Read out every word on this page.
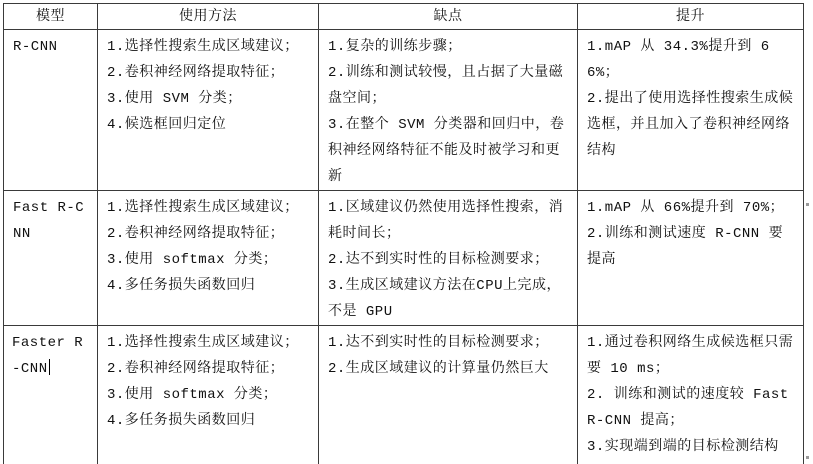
模型	使用方法	缺点	提升
R-CNN	1.选择性搜索生成区域建议；
2.卷积神经网络提取特征；
3.使用 SVM 分类；
4.候选框回归定位	1.复杂的训练步骤；
2.训练和测试较慢，且占据了大量磁盘空间；
3.在整个 SVM 分类器和回归中，卷积神经网络特征不能及时被学习和更新	1.mAP 从 34.3%提升到 66%；
2.提出了使用选择性搜索生成候选框，并且加入了卷积神经网络结构

Fast R-CNN	1.选择性搜索生成区域建议；
2.卷积神经网络提取特征；
3.使用 softmax 分类；
4.多任务损失函数回归	1.区域建议仍然使用选择性搜索，消耗时间长；
2.达不到实时性的目标检测要求；
3.生成区域建议方法在CPU上完成，不是 GPU	1.mAP 从 66%提升到 70%；
2.训练和测试速度 R-CNN 要提高

Faster R-CNN	1.选择性搜索生成区域建议；
2.卷积神经网络提取特征；
3.使用 softmax 分类；
4.多任务损失函数回归	1.达不到实时性的目标检测要求；
2.生成区域建议的计算量仍然巨大	1.通过卷积网络生成候选框只需要 10 ms；
2. 训练和测试的速度较 Fast R-CNN 提高；
3.实现端到端的目标检测结构
